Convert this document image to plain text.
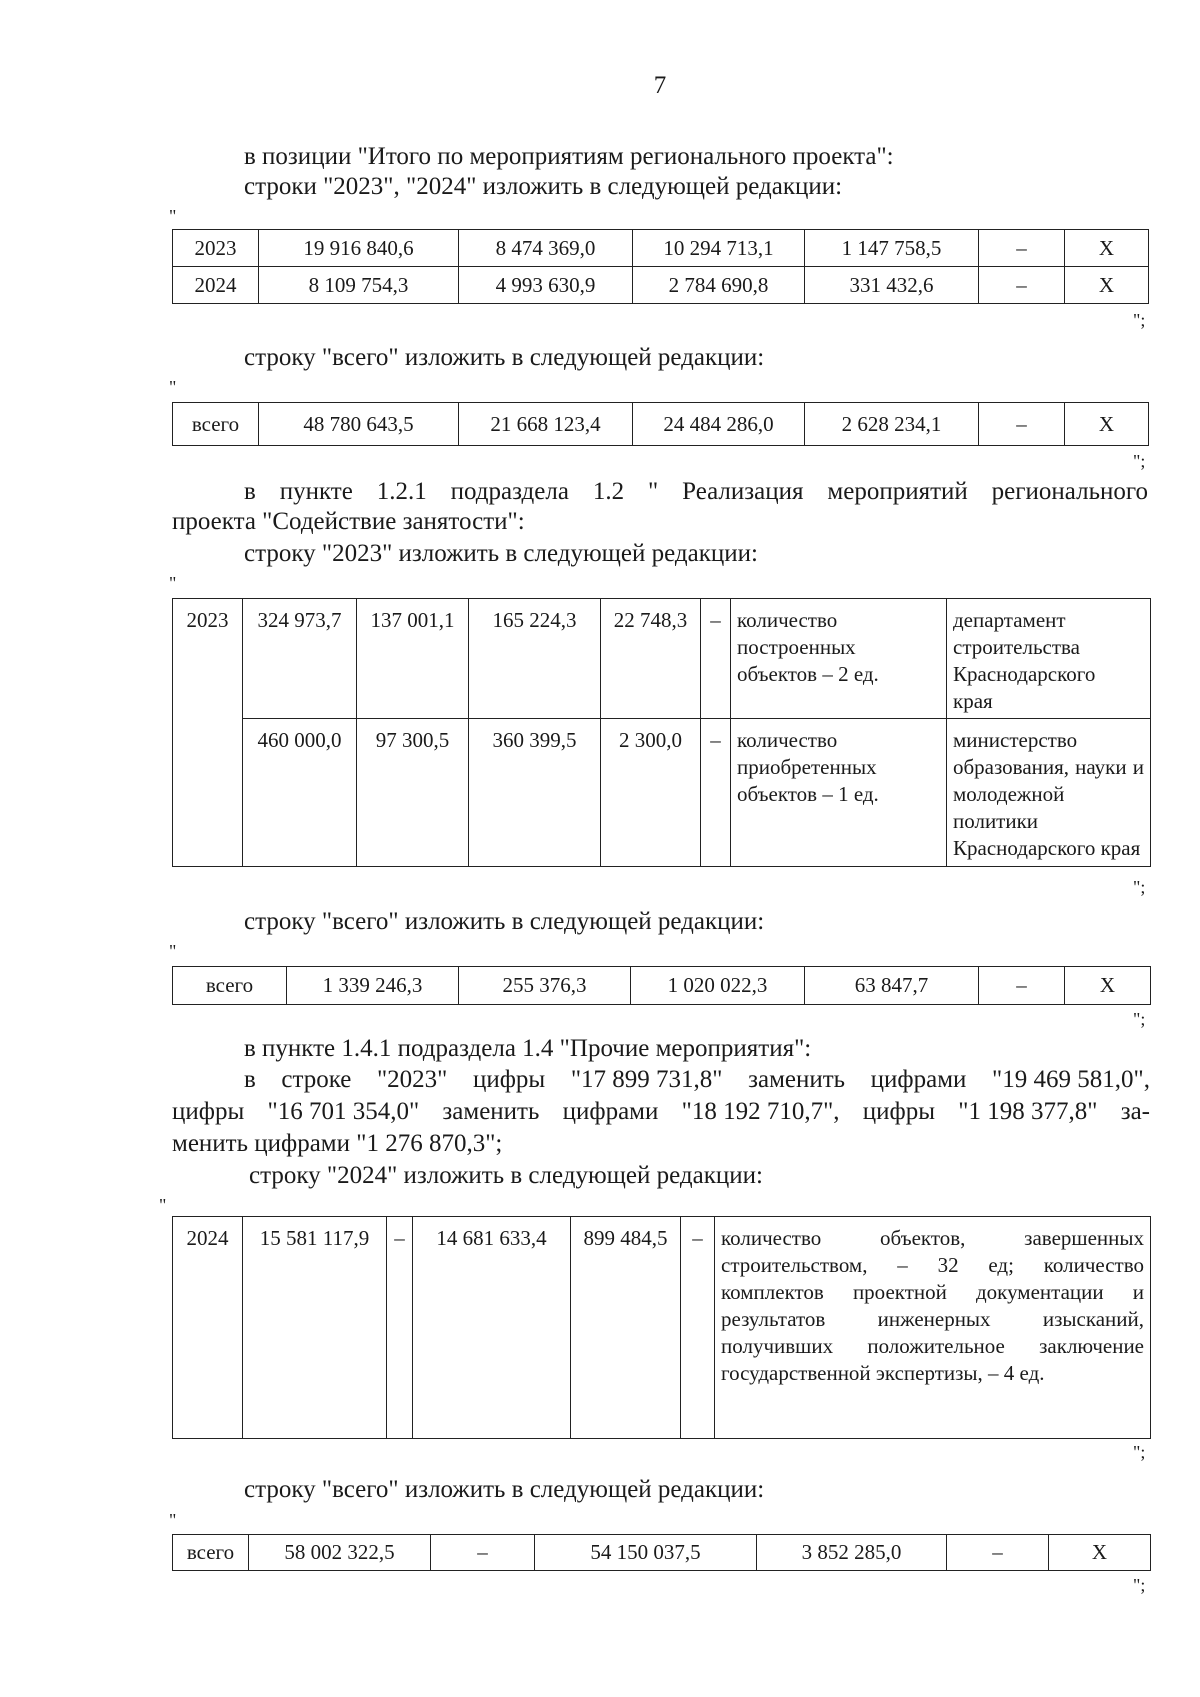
7
в позиции "Итого по мероприятиям регионального проекта":
строки "2023", "2024" изложить в следующей редакции:
"
2023	19 916 840,6	8 474 369,0	10 294 713,1	1 147 758,5	–	Х
2024	8 109 754,3	4 993 630,9	2 784 690,8	331 432,6	–	Х
";
строку "всего" изложить в следующей редакции:
"
всего	48 780 643,5	21 668 123,4	24 484 286,0	2 628 234,1	–	Х
";
в пункте 1.2.1 подраздела 1.2 " Реализация мероприятий регионального
проекта "Содействие занятости":
строку "2023" изложить в следующей редакции:
"
2023	324 973,7	137 001,1	165 224,3	22 748,3	–	количество построенных объектов – 2 ед.	департамент
строительства
Краснодарского
края

	460 000,0	97 300,5	360 399,5	2 300,0	–	количество приобретенных объектов – 1 ед.	министерство образования, науки и молодежной политики Краснодарского края
";
строку "всего" изложить в следующей редакции:
"
всего	1 339 246,3	255 376,3	1 020 022,3	63 847,7	–	Х
";
в пункте 1.4.1 подраздела 1.4 "Прочие мероприятия":
в строке "2023" цифры "17 899 731,8" заменить цифрами "19 469 581,0",
цифры "16 701 354,0" заменить цифрами "18 192 710,7", цифры "1 198 377,8" за-
менить цифрами "1 276 870,3";
строку "2024" изложить в следующей редакции:
"
2024	15 581 117,9	–	14 681 633,4	899 484,5	–	количество объектов, завершенных строительством, – 32 ед; количество комплектов проектной документации и результатов инженерных изысканий, получивших положительное заключение государственной экспертизы, – 4 ед.
";
строку "всего" изложить в следующей редакции:
"
всего	58 002 322,5	–	54 150 037,5	3 852 285,0	–	Х
";
